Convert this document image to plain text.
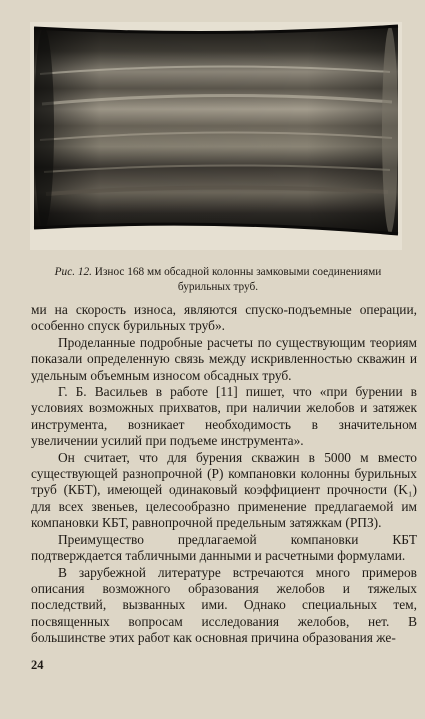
Рис. 12. Износ 168 мм обсадной колонны замковыми соединениями бурильных труб.

ми на скорость износа, являются спуско-подъемные операции, особенно спуск бурильных труб».

Проделанные подробные расчеты по существующим теориям показали определенную связь между искривленностью скважин и удельным объемным износом обсадных труб.

Г. Б. Васильев в работе [11] пишет, что «при бурении в условиях возможных прихватов, при наличии желобов и затяжек инструмента, возникает необходимость в значительном увеличении усилий при подъеме инструмента».

Он считает, что для бурения скважин в 5000 м вместо существующей разнопрочной (Р) компановки колонны бурильных труб (КБТ), имеющей одинаковый коэффициент прочности (K₁) для всех звеньев, целесообразно применение предлагаемой им компановки КБТ, равнопрочной предельным затяжкам (РПЗ).

Преимущество предлагаемой компановки КБТ подтверждается табличными данными и расчетными формулами.

В зарубежной литературе встречаются много примеров описания возможного образования желобов и тяжелых последствий, вызванных ими. Однако специальных тем, посвященных вопросам исследования желобов, нет. В большинстве этих работ как основная причина образования же-

24
